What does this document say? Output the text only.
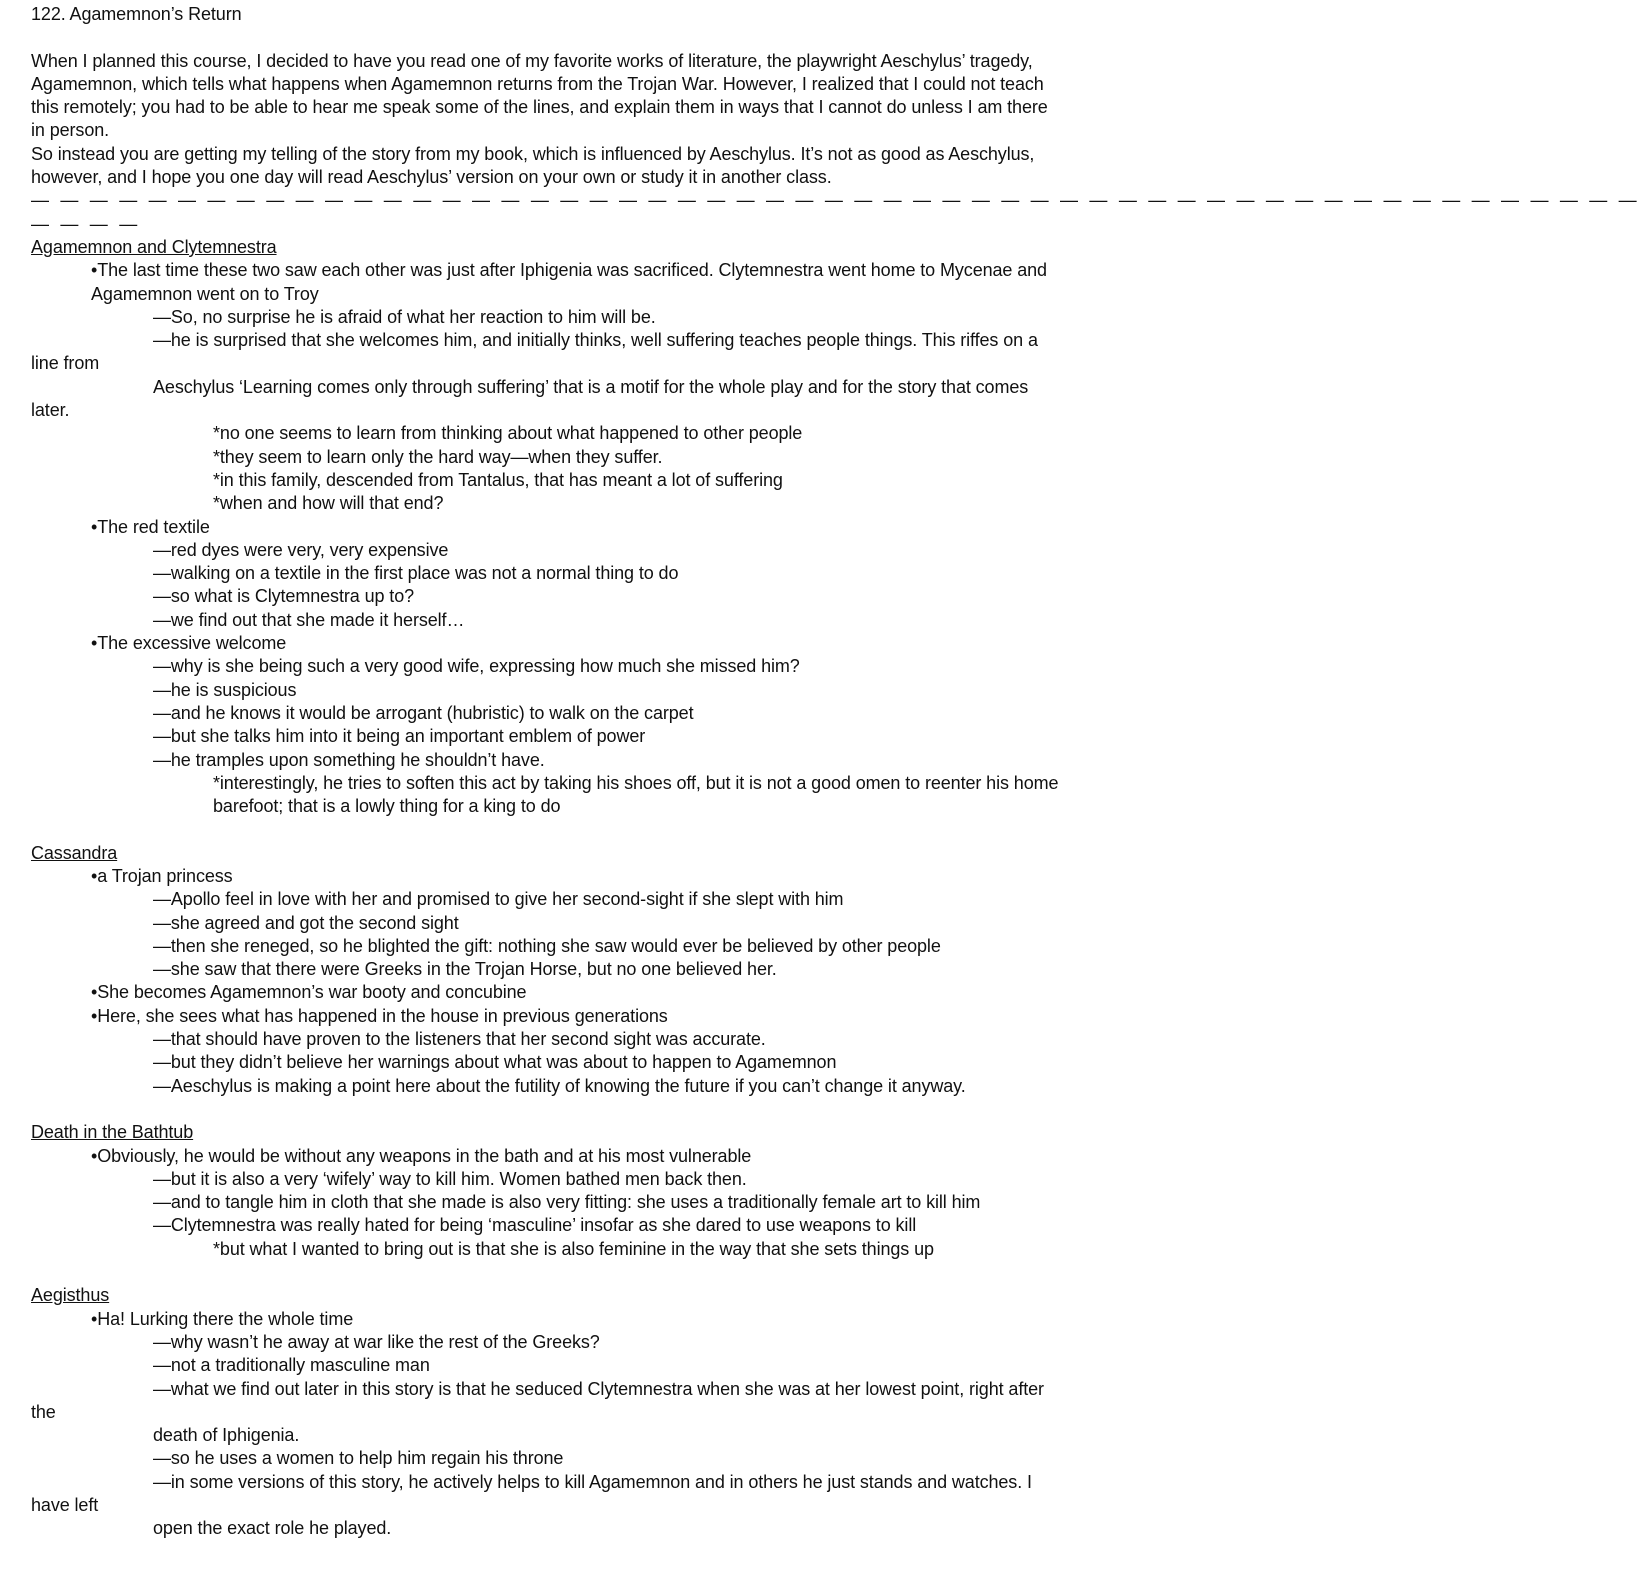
122. Agamemnon’s Return
When I planned this course, I decided to have you read one of my favorite works of literature, the playwright Aeschylus’ tragedy,
Agamemnon, which tells what happens when Agamemnon returns from the Trojan War. However, I realized that I could not teach
this remotely; you had to be able to hear me speak some of the lines, and explain them in ways that I cannot do unless I am there
in person.
So instead you are getting my telling of the story from my book, which is influenced by Aeschylus. It’s not as good as Aeschylus,
however, and I hope you one day will read Aeschylus’ version on your own or study it in another class.
— — — — — — — — — — — — — — — — — — — — — — — — — — — — — — — — — — — — — — — — — — — — — — — — — — — — — — —
— — — —
Agamemnon and Clytemnestra
•The last time these two saw each other was just after Iphigenia was sacrificed. Clytemnestra went home to Mycenae and
Agamemnon went on to Troy
—So, no surprise he is afraid of what her reaction to him will be.
—he is surprised that she welcomes him, and initially thinks, well suffering teaches people things. This riffes on a
line from
Aeschylus ‘Learning comes only through suffering’ that is a motif for the whole play and for the story that comes
later.
*no one seems to learn from thinking about what happened to other people
*they seem to learn only the hard way—when they suffer.
*in this family, descended from Tantalus, that has meant a lot of suffering
*when and how will that end?
•The red textile
—red dyes were very, very expensive
—walking on a textile in the first place was not a normal thing to do
—so what is Clytemnestra up to?
—we find out that she made it herself…
•The excessive welcome
—why is she being such a very good wife, expressing how much she missed him?
—he is suspicious
—and he knows it would be arrogant (hubristic) to walk on the carpet
—but she talks him into it being an important emblem of power
—he tramples upon something he shouldn’t have.
*interestingly, he tries to soften this act by taking his shoes off, but it is not a good omen to reenter his home
barefoot; that is a lowly thing for a king to do
Cassandra
•a Trojan princess
—Apollo feel in love with her and promised to give her second-sight if she slept with him
—she agreed and got the second sight
—then she reneged, so he blighted the gift: nothing she saw would ever be believed by other people
—she saw that there were Greeks in the Trojan Horse, but no one believed her.
•She becomes Agamemnon’s war booty and concubine
•Here, she sees what has happened in the house in previous generations
—that should have proven to the listeners that her second sight was accurate.
—but they didn’t believe her warnings about what was about to happen to Agamemnon
—Aeschylus is making a point here about the futility of knowing the future if you can’t change it anyway.
Death in the Bathtub
•Obviously, he would be without any weapons in the bath and at his most vulnerable
—but it is also a very ‘wifely’ way to kill him. Women bathed men back then.
—and to tangle him in cloth that she made is also very fitting: she uses a traditionally female art to kill him
—Clytemnestra was really hated for being ‘masculine’ insofar as she dared to use weapons to kill
*but what I wanted to bring out is that she is also feminine in the way that she sets things up
Aegisthus
•Ha! Lurking there the whole time
—why wasn’t he away at war like the rest of the Greeks?
—not a traditionally masculine man
—what we find out later in this story is that he seduced Clytemnestra when she was at her lowest point, right after
the
death of Iphigenia.
—so he uses a women to help him regain his throne
—in some versions of this story, he actively helps to kill Agamemnon and in others he just stands and watches. I
have left
open the exact role he played.
